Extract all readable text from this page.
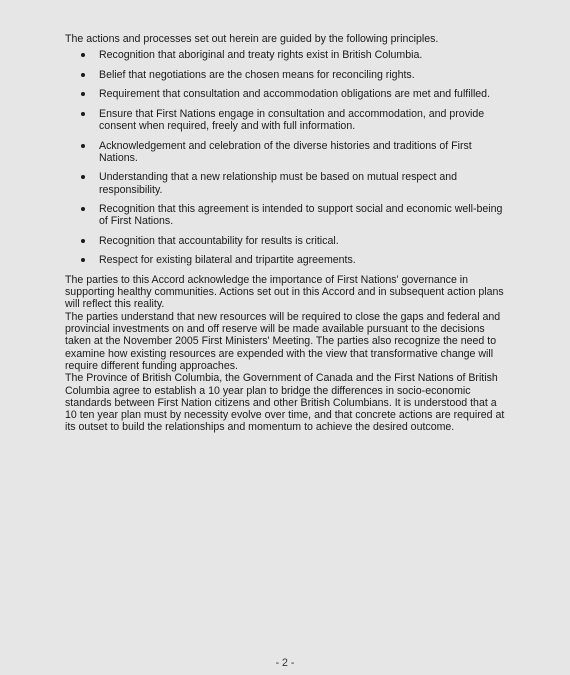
The actions and processes set out herein are guided by the following principles.

Recognition that aboriginal and treaty rights exist in British Columbia.
Belief that negotiations are the chosen means for reconciling rights.
Requirement that consultation and accommodation obligations are met and fulfilled.
Ensure that First Nations engage in consultation and accommodation, and provide consent when required, freely and with full information.
Acknowledgement and celebration of the diverse histories and traditions of First Nations.
Understanding that a new relationship must be based on mutual respect and responsibility.
Recognition that this agreement is intended to support social and economic well-being of First Nations.
Recognition that accountability for results is critical.
Respect for existing bilateral and tripartite agreements.

The parties to this Accord acknowledge the importance of First Nations' governance in supporting healthy communities. Actions set out in this Accord and in subsequent action plans will reflect this reality.

The parties understand that new resources will be required to close the gaps and federal and provincial investments on and off reserve will be made available pursuant to the decisions taken at the November 2005 First Ministers' Meeting. The parties also recognize the need to examine how existing resources are expended with the view that transformative change will require different funding approaches.

The Province of British Columbia, the Government of Canada and the First Nations of British Columbia agree to establish a 10 year plan to bridge the differences in socio-economic standards between First Nation citizens and other British Columbians. It is understood that a 10 ten year plan must by necessity evolve over time, and that concrete actions are required at its outset to build the relationships and momentum to achieve the desired outcome.

- 2 -
